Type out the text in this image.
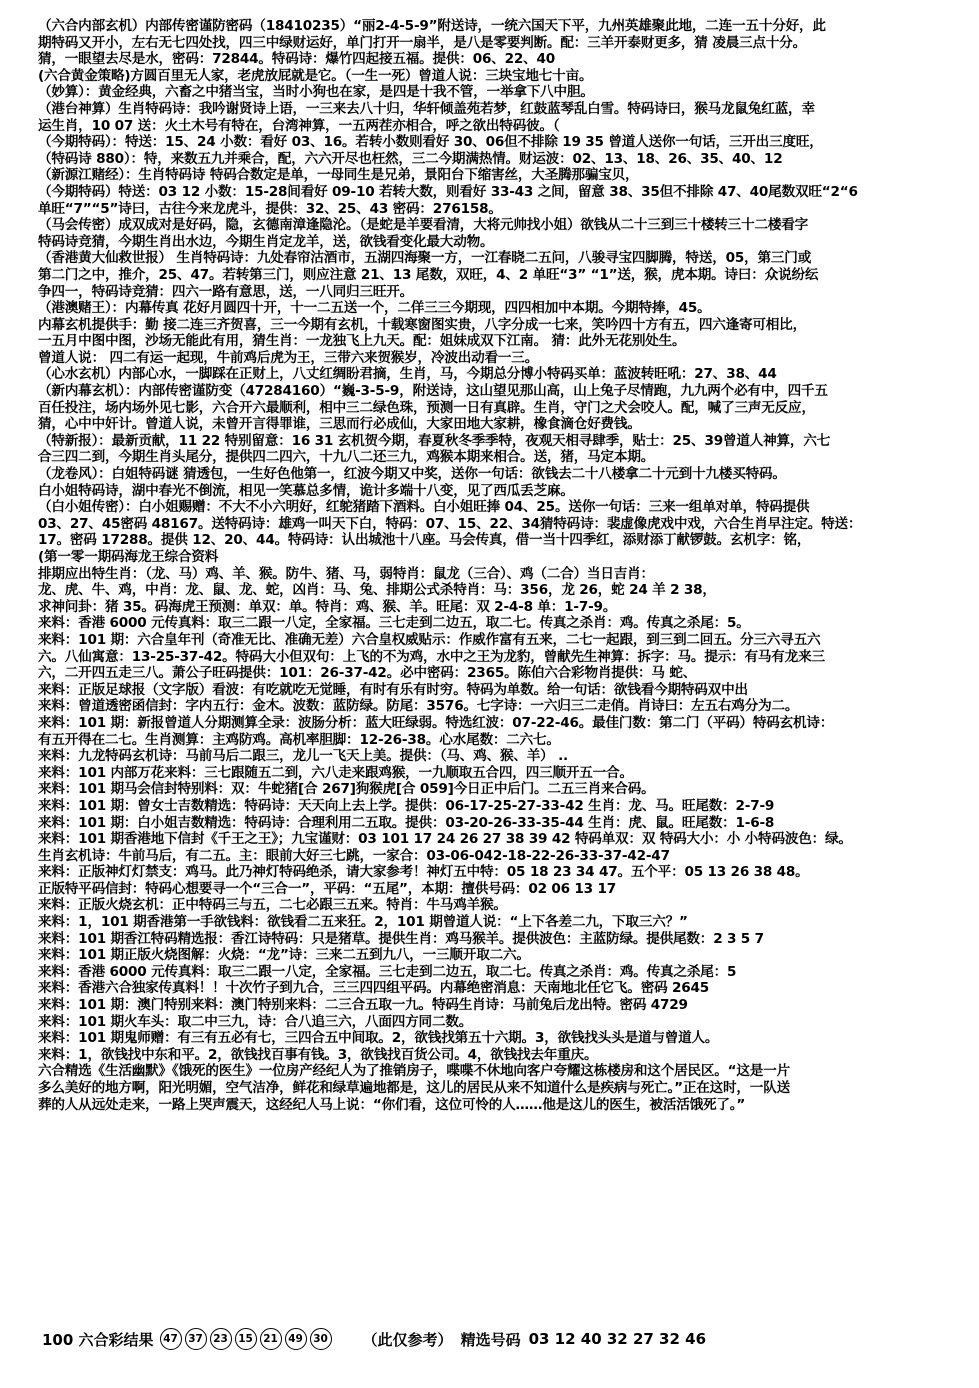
（六合内部玄机）内部传密谨防密码（18410235）“丽2-4-5-9”附送诗，一统六国天下平，九州英雄聚此地，二连一五十分好，此
期特码又开小，左右无七四处找，四三中绿财运好，单门打开一扇半，是八是零要判断。配：三羊开泰财更多，猜 凌晨三点十分。
猜，一眼望去尽是水，密码：72844。特码诗：爆竹四起接五福。提供：06、22、40
(六合黄金策略)方圆百里无人家，老虎放屁就是它。（一生一死）曾道人说：三块宝地七十亩。
（妙算）：黄金经典，六畜之中猪当宝，当时小狗也在家，是四是十我不管，一举拿下八中胆。
（港台神算）生肖特码诗：我吟谢贤诗上语，一三来去八十归，华轩倾盖苑若梦，红鼓蓝琴乱白雪。特码诗曰，猴马龙鼠兔红蓝，幸
运生肖，10 07 送：火土木号有特在，台湾神算，一五两茬亦相合，呼之欲出特码彼。（
（今期特码）：特送：15、24 小数：看好 03、16。若转小数则看好 30、06但不排除 19 35 曾道人送你一句话，三开出三度旺，
（特码诗 880）：特，来数五九并乘合，配，六六开尽也枉然，三二今期满热情。财运波：02、13、18、26、35、40、12
（新源江赌经）：生肖特码诗 特码合数定是单，一母同生是兄弟，景阳台下缩害丝，大圣腾那骗宝贝，
（今期特码）特送：03 12 小数：15-28间看好 09-10 若转大数，则看好 33-43 之间，留意 38、35但不排除 47、40尾数双旺“2“6
单旺“7”“5”诗曰，古往今来龙虎斗，提供：32、25、43 密码：276158。
（马会传密）成双成对是好码，隐，玄德南漳逢隐沦。（是蛇是羊要看清，大将元帅找小姐）欲钱从二十三到三十楼转三十二楼看字
特码诗竞猜，今期生肖出水边，今期生肖定龙羊，送，欲钱看变化最大动物。
（香港黄大仙救世报） 生肖特码诗：九处春帘沽酒市，五湖四海聚一方，一江春晓二五问，八骏寻宝四脚腾，特送，05，第三门或
第二门之中，推介，25、47。若转第三门，则应注意 21、13 尾数，双旺，4、2 单旺“3” “1”送，猴，虎本期。诗曰：众说纷纭
争四一，特码诗竞猜：四六一路有意思，送，一八同归三旺开。
（港澳赌王）：内幕传真 花好月圆四十开，十一二五送一个，二佯三三今期现，四四相加中本期。今期特捧，45。
内幕玄机提供手：勤 接二连三齐贺喜，三一今期有玄机，十载寒窗图实贵，八字分成一七来，笑吟四十方有五，四六逢寄可相比，
一五月中图中图，沙场无能此有用，猜生肖：一龙独飞上九天。配：姐妹成双下江南。 猜：此外无花别处生。
曾道人说： 四二有运一起现，牛前鸡后虎为王，三带六来贺猴岁，冷波出动看一三。
（心水玄机）内部心水，一脚踩在正财上，八丈红绸盼君摘，生肖，马，今期总分博小特码买单：蓝波转旺吼：27、38、44
（新内幕玄机）：内部传密谨防变（47284160）“巍-3-5-9，附送诗，这山望见那山高，山上兔子尽情跑，九九两个必有中，四千五
百任投注，场内场外见七影，六合开六最顺利，相中三二绿色珠，预测一日有真辟。生肖，守门之犬会咬人。配，喊了三声无反应，
猜，心中中奸计。曾道人说，未曾开言得罪谁，三思而行必成仙，大家田地大家耕，橡食滴仓好费钱。
（特新报）：最新贡献，11 22 特别留意：16 31 玄机贺今期，春夏秋冬季季特，夜观天相寻肆季，贴士：25、39曾道人神算，六七
合三四二到，今期生肖头尾分，提供四二四六，十九八二还三九，鸡猴本期来相合。送，猪，马定本期。
（龙卷风）：白姐特码谜 猜透包，一生好色他第一，红波今期又中奖，送你一句话：欲钱去二十八楼拿二十元到十九楼买特码。
白小姐特码诗，湖中春光不倒流，相见一笑慕总多情，诡计多端十八变，见了西瓜丢芝麻。
（白小姐传密）：白小姐赐赠：不大不小六明好，红鸵猪踏下酒料。白小姐旺捧 04、25。送你一句话：三来一组单对单，特码提供
03、27、45密码 48167。送特码诗：雄鸡一叫天下白，特码：07、15、22、34猜特码诗：裴虚像虎戏中戏，六合生肖早注定。特送：
17。密码 17288。提供 12、20、44。特码诗：认出城池十八座。马会传真，借一当十四季红，添财添丁献锣鼓。玄机字：铭，
(第一零一期码海龙王综合资料
排期应出特生肖：（龙、马）鸡、羊、猴。防牛、猪、马，弱特肖：鼠龙（三合）、鸡（二合）当日吉肖：
龙、虎、牛、鸡，中肖：龙、鼠、龙、蛇，凶肖：马、兔、排期公式杀特肖：马：356，龙 26，蛇 24 羊 2 38，
求神问卦：猪 35。码海虎王预测：单双：单。特肖：鸡、猴、羊。旺尾：双 2-4-8 单：1-7-9。
来料：香港 6000 元传真料：取三二跟一八定，全家福。三七走到二边五，取二七。传真之杀肖：鸡。传真之杀尾：5。
来料：101 期：六合皇年刊（奇准无比、准确无差）六合皇权威贴示：作威作富有五来，二七一起跟，到三到二回五。分三六寻五六
六。八仙寓意：13-25-37-42。特码大小但双句：上飞的不为鸡，水中之王为龙豹，曾献先生神算：拆字：马。提示：有马有龙来三
六，二开四五走三八。萧公子旺码提供：101：26-37-42。必中密码：2365。陈伯六合彩物肖提供：马 蛇、
来料：正版足球报（文字版）看波：有吃就吃无觉睡，有时有乐有时穷。特码为单数。给一句话：欲钱看今期特码双中出
来料：曾道透密函信封：字内五行：金木。波数：蓝防绿。防尾：3576。七字诗：一六归三二走俏。肖诗曰：左五右鸡分为二。
来料：101 期：新报曾道人分期测算全录：波肠分析：蓝大旺绿弱。特选红波：07-22-46。最佳门数：第二门（平码）特码玄机诗：
有五开得在二七。生肖测算：主鸡防鸡。高机率胆脚：12-26-38。心水尾数：二六七。
来料：九龙特码玄机诗：马前马后二跟三，龙儿一飞天上美。提供：（马、鸡、猴、羊） ..
来料：101 内部万花来料：三七跟随五二到，六八走来跟鸡猴，一九顺取五合四，四三顺开五一合。
来料：101 期马会信封特别料：双：牛蛇猪[合 267]狗猴虎[合 059]今日正中后门。二五三肖来合码。
来料：101 期：曾女士吉数精选：特码诗：天天向上去上学。提供：06-17-25-27-33-42 生肖：龙、马。旺尾数：2-7-9
来料：101 期：白小姐吉数精选：特码诗：合理利用二五取。提供：03-20-26-33-35-44 生肖：虎、鼠。旺尾数：1-6-8
来料：101 期香港地下信封《千王之王》；九宝谨财：03 101 17 24 26 27 38 39 42 特码单双：双 特码大小：小 小特码波色：绿。
生肖玄机诗：牛前马后，有二五。主：眼前大好三七跳，一家合：03-06-042-18-22-26-33-37-42-47
来料：正版神灯灯禁支：鸡马。此乃神灯特码绝杀，请大家参考！神灯五中特：05 18 23 34 47。五个平：05 13 26 38 48。
正版特平码信封：特码心想要寻一个“三合一”，平码：“五尾”，本期：擅供号码：02 06 13 17
来料：正版火烧玄机：正中特码三与五，二七必跟三五来。特肖：牛马鸡羊猴。
来料：1，101 期香港第一手欲钱料：欲钱看二五来狂。2，101 期曾道人说：“上下各差二九，下取三六？”
来料：101 期香江特码精选报：香江诗特码：只是猪草。提供生肖：鸡马猴羊。提供波色：主蓝防绿。提供尾数：2 3 5 7
来料：101 期正版火烧图解：火烧：“龙”诗：三来二五到九八，一三顺开取二六。
来料：香港 6000 元传真料：取三二跟一八定，全家福。三七走到二边五，取二七。传真之杀肖：鸡。传真之杀尾：5
来料：香港六合独家传真料！！十次竹子到九合，三三四四组平码。内幕绝密消息：天南地北任它飞。密码 2645
来料：101 期：澳门特别来料：澳门特别来料：二三合五取一九。特码生肖诗：马前兔后龙出特。密码 4729
来料：101 期火车头：取二中三九，诗：合八追三六，八面四方同二数。
来料：101 期鬼师赠：有三有五必有七，三四合五中间取。2，欲钱找第五十六期。3，欲钱找头头是道与曾道人。
来料：1，欲钱找中东和平。2，欲钱找百事有钱。3，欲钱找百货公司。4，欲钱找去年重庆。
六合精选《生活幽默》《饿死的医生》一位房产经纪人为了推销房子，喋喋不休地向客户夸耀这栋楼房和这个居民区。“这是一片
多么美好的地方啊，阳光明媚，空气洁净，鲜花和绿草遍地都是，这儿的居民从来不知道什么是疾病与死亡。”正在这时，一队送
葬的人从远处走来，一路上哭声震天，这经纪人马上说：“你们看，这位可怜的人……他是这儿的医生，被活活饿死了。”
100 六合彩结果 47 37 23 15 21 49 30 （此仅参考） 精选号码 03 12 40 32 27 32 46
